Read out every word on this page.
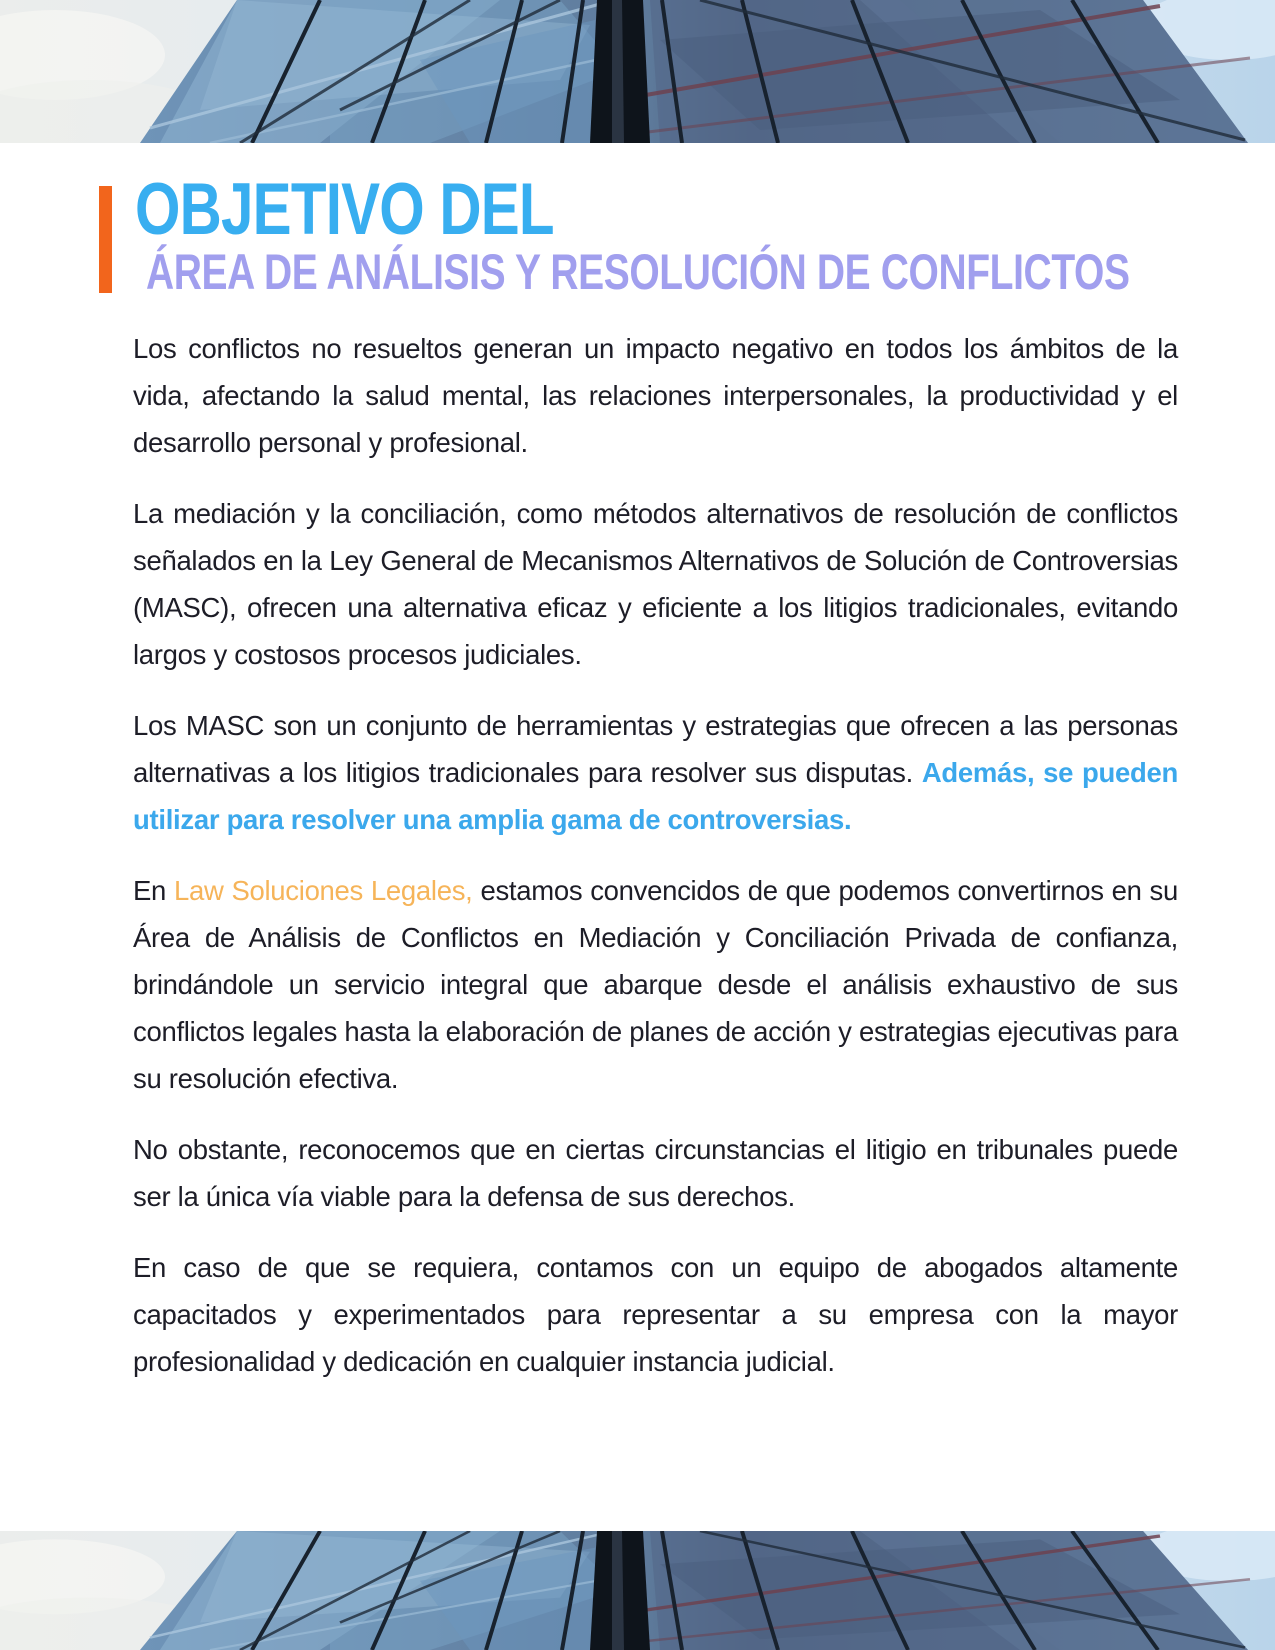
OBJETIVO DEL
ÁREA DE ANÁLISIS Y RESOLUCIÓN DE CONFLICTOS

Los conflictos no resueltos generan un impacto negativo en todos los ámbitos de la vida, afectando la salud mental, las relaciones interpersonales, la productividad y el desarrollo personal y profesional.

La mediación y la conciliación, como métodos alternativos de resolución de conflictos señalados en la Ley General de Mecanismos Alternativos de Solución de Controversias (MASC), ofrecen una alternativa eficaz y eficiente a los litigios tradicionales, evitando largos y costosos procesos judiciales.

Los MASC son un conjunto de herramientas y estrategias que ofrecen a las personas alternativas a los litigios tradicionales para resolver sus disputas. Además, se pueden utilizar para resolver una amplia gama de controversias.

En Law Soluciones Legales, estamos convencidos de que podemos convertirnos en su Área de Análisis de Conflictos en Mediación y Conciliación Privada de confianza, brindándole un servicio integral que abarque desde el análisis exhaustivo de sus conflictos legales hasta la elaboración de planes de acción y estrategias ejecutivas para su resolución efectiva.

No obstante, reconocemos que en ciertas circunstancias el litigio en tribunales puede ser la única vía viable para la defensa de sus derechos.

En caso de que se requiera, contamos con un equipo de abogados altamente capacitados y experimentados para representar a su empresa con la mayor profesionalidad y dedicación en cualquier instancia judicial.
